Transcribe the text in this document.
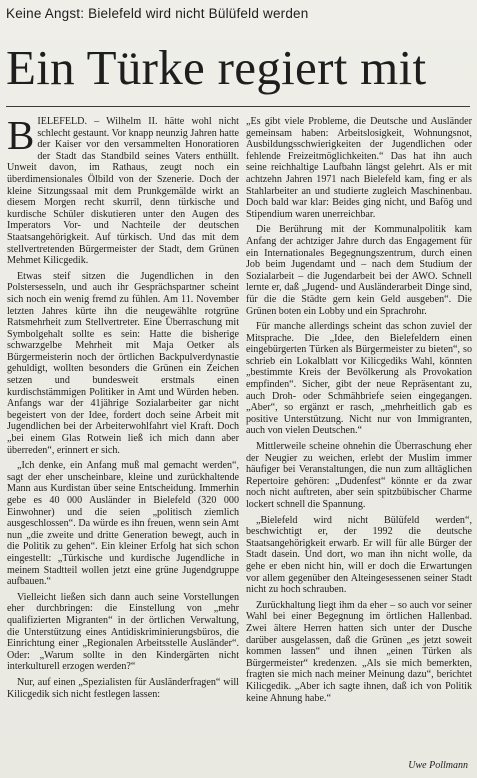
Keine Angst: Bielefeld wird nicht Bülüfeld werden
Ein Türke regiert mit

BIELEFELD. – Wilhelm II. hätte wohl nicht schlecht gestaunt. Vor knapp neunzig Jahren hatte der Kaiser vor den versammelten Honoratioren der Stadt das Standbild seines Vaters enthüllt. Unweit davon, im Rathaus, zeugt noch ein überdimensionales Ölbild von der Szenerie. Doch der kleine Sitzungssaal mit dem Prunkgemälde wirkt an diesem Morgen recht skurril, denn türkische und kurdische Schüler diskutieren unter den Augen des Imperators Vor- und Nachteile der deutschen Staatsangehörigkeit. Auf türkisch. Und das mit dem stellvertretenden Bürgermeister der Stadt, dem Grünen Mehmet Kilicgedik.

Etwas steif sitzen die Jugendlichen in den Polstersesseln, und auch ihr Gesprächspartner scheint sich noch ein wenig fremd zu fühlen. Am 11. November letzten Jahres kürte ihn die neugewählte rotgrüne Ratsmehrheit zum Stellvertreter. Eine Überraschung mit Symbolgehalt sollte es sein: Hatte die bisherige schwarzgelbe Mehrheit mit Maja Oetker als Bürgermeisterin noch der örtlichen Backpulverdynastie gehuldigt, wollten besonders die Grünen ein Zeichen setzen und bundesweit erstmals einen kurdischstämmigen Politiker in Amt und Würden heben. Anfangs war der 41jährige Sozialarbeiter gar nicht begeistert von der Idee, fordert doch seine Arbeit mit Jugendlichen bei der Arbeiterwohlfahrt viel Kraft. Doch „bei einem Glas Rotwein ließ ich mich dann aber überreden“, erinnert er sich.

„Ich denke, ein Anfang muß mal gemacht werden“, sagt der eher unscheinbare, kleine und zurückhaltende Mann aus Kurdistan über seine Entscheidung. Immerhin gebe es 40 000 Ausländer in Bielefeld (320 000 Einwohner) und die seien „politisch ziemlich ausgeschlossen“. Da würde es ihn freuen, wenn sein Amt nun „die zweite und dritte Generation bewegt, auch in die Politik zu gehen“. Ein kleiner Erfolg hat sich schon eingestellt: „Türkische und kurdische Jugendliche in meinem Stadtteil wollen jetzt eine grüne Jugendgruppe aufbauen.“

Vielleicht ließen sich dann auch seine Vorstellungen eher durchbringen: die Einstellung von „mehr qualifizierten Migranten“ in der örtlichen Verwaltung, die Unterstützung eines Antidiskriminierungsbüros, die Einrichtung einer „Regionalen Arbeitsstelle Ausländer“. Oder: „Warum sollte in den Kindergärten nicht interkulturell erzogen werden?“

Nur, auf einen „Spezialisten für Ausländerfragen“ will Kilicgedik sich nicht festlegen lassen:

„Es gibt viele Probleme, die Deutsche und Ausländer gemeinsam haben: Arbeitslosigkeit, Wohnungsnot, Ausbildungsschwierigkeiten der Jugendlichen oder fehlende Freizeitmöglichkeiten.“ Das hat ihn auch seine reichhaltige Laufbahn längst gelehrt. Als er mit achtzehn Jahren 1971 nach Bielefeld kam, fing er als Stahlarbeiter an und studierte zugleich Maschinenbau. Doch bald war klar: Beides ging nicht, und Bafög und Stipendium waren unerreichbar.

Die Berührung mit der Kommunalpolitik kam Anfang der achtziger Jahre durch das Engagement für ein Internationales Begegnungszentrum, durch einen Job beim Jugendamt und – nach dem Studium der Sozialarbeit – die Jugendarbeit bei der AWO. Schnell lernte er, daß „Jugend- und Ausländerarbeit Dinge sind, für die die Städte gern kein Geld ausgeben“. Die Grünen boten ein Lobby und ein Sprachrohr.

Für manche allerdings scheint das schon zuviel der Mitsprache. Die „Idee, den Bielefeldern einen eingebürgerten Türken als Bürgermeister zu bieten“, so schrieb ein Lokalblatt vor Kilicgediks Wahl, könnten „bestimmte Kreis der Bevölkerung als Provokation empfinden“. Sicher, gibt der neue Repräsentant zu, auch Droh- oder Schmähbriefe seien eingegangen. „Aber“, so ergänzt er rasch, „mehrheitlich gab es positive Unterstützung. Nicht nur von Immigranten, auch von vielen Deutschen.“

Mittlerweile scheine ohnehin die Überraschung eher der Neugier zu weichen, erlebt der Muslim immer häufiger bei Veranstaltungen, die nun zum alltäglichen Repertoire gehören: „Dudenfest“ könnte er da zwar noch nicht auftreten, aber sein spitzbübischer Charme lockert schnell die Spannung.

„Bielefeld wird nicht Bülüfeld werden“, beschwichtigt er, der 1992 die deutsche Staatsangehörigkeit erwarb. Er will für alle Bürger der Stadt dasein. Und dort, wo man ihn nicht wolle, da gehe er eben nicht hin, will er doch die Erwartungen vor allem gegenüber den Alteingesessenen seiner Stadt nicht zu hoch schrauben.

Zurückhaltung liegt ihm da eher – so auch vor seiner Wahl bei einer Begegnung im örtlichen Hallenbad. Zwei ältere Herren hatten sich unter der Dusche darüber ausgelassen, daß die Grünen „es jetzt soweit kommen lassen“ und ihnen „einen Türken als Bürgermeister“ kredenzen. „Als sie mich bemerkten, fragten sie mich nach meiner Meinung dazu“, berichtet Kilicgedik. „Aber ich sagte ihnen, daß ich von Politik keine Ahnung habe.“

Uwe Pollmann
